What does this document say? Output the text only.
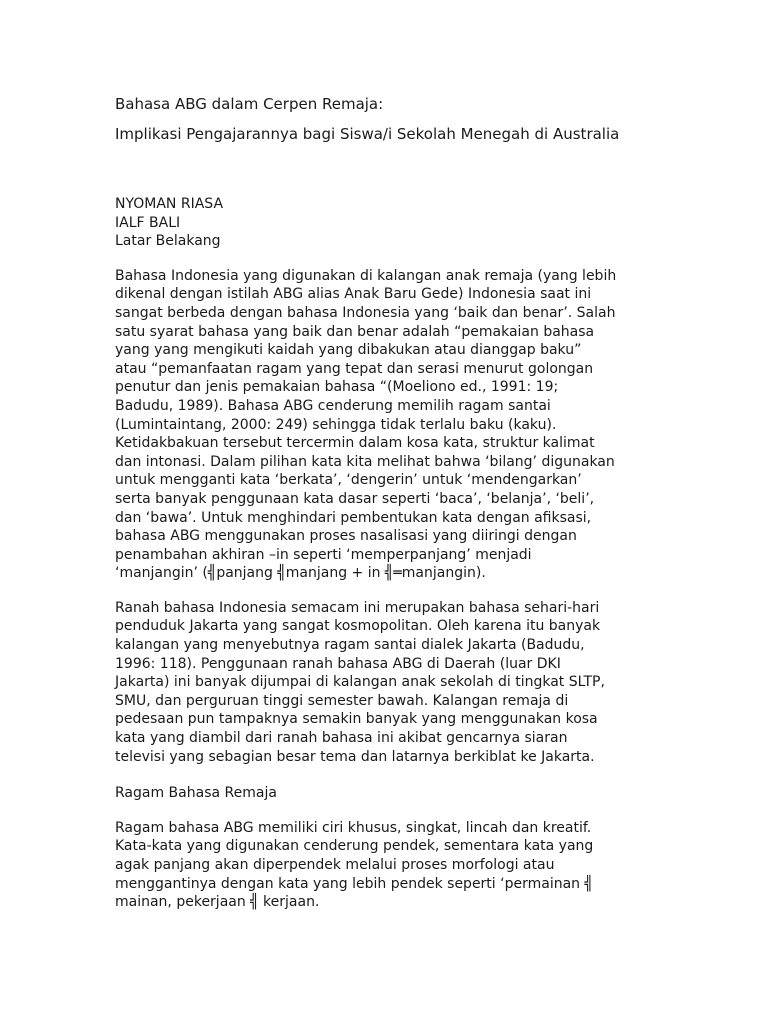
Bahasa ABG dalam Cerpen Remaja:

Implikasi Pengajarannya bagi Siswa/i Sekolah Menegah di Australia

NYOMAN RIASA
IALF BALI
Latar Belakang

Bahasa Indonesia yang digunakan di kalangan anak remaja (yang lebih
dikenal dengan istilah ABG alias Anak Baru Gede) Indonesia saat ini
sangat berbeda dengan bahasa Indonesia yang ‘baik dan benar’. Salah
satu syarat bahasa yang baik dan benar adalah “pemakaian bahasa
yang yang mengikuti kaidah yang dibakukan atau dianggap baku”
atau “pemanfaatan ragam yang tepat dan serasi menurut golongan
penutur dan jenis pemakaian bahasa “(Moeliono ed., 1991: 19;
Badudu, 1989). Bahasa ABG cenderung memilih ragam santai
(Lumintaintang, 2000: 249) sehingga tidak terlalu baku (kaku).
Ketidakbakuan tersebut tercermin dalam kosa kata, struktur kalimat
dan intonasi. Dalam pilihan kata kita melihat bahwa ‘bilang’ digunakan
untuk mengganti kata ‘berkata’, ‘dengerin’ untuk ‘mendengarkan’
serta banyak penggunaan kata dasar seperti ‘baca’, ‘belanja’, ‘beli’,
dan ‘bawa’. Untuk menghindari pembentukan kata dengan afiksasi,
bahasa ABG menggunakan proses nasalisasi yang diiringi dengan
penambahan akhiran –in seperti ‘memperpanjang’ menjadi
‘manjangin’ (╣panjang ╣manjang + in ╣═manjangin).

Ranah bahasa Indonesia semacam ini merupakan bahasa sehari-hari
penduduk Jakarta yang sangat kosmopolitan. Oleh karena itu banyak
kalangan yang menyebutnya ragam santai dialek Jakarta (Badudu,
1996: 118). Penggunaan ranah bahasa ABG di Daerah (luar DKI
Jakarta) ini banyak dijumpai di kalangan anak sekolah di tingkat SLTP,
SMU, dan perguruan tinggi semester bawah. Kalangan remaja di
pedesaan pun tampaknya semakin banyak yang menggunakan kosa
kata yang diambil dari ranah bahasa ini akibat gencarnya siaran
televisi yang sebagian besar tema dan latarnya berkiblat ke Jakarta.

Ragam Bahasa Remaja

Ragam bahasa ABG memiliki ciri khusus, singkat, lincah dan kreatif.
Kata-kata yang digunakan cenderung pendek, sementara kata yang
agak panjang akan diperpendek melalui proses morfologi atau
menggantinya dengan kata yang lebih pendek seperti ‘permainan ╣
mainan, pekerjaan ╣ kerjaan.
